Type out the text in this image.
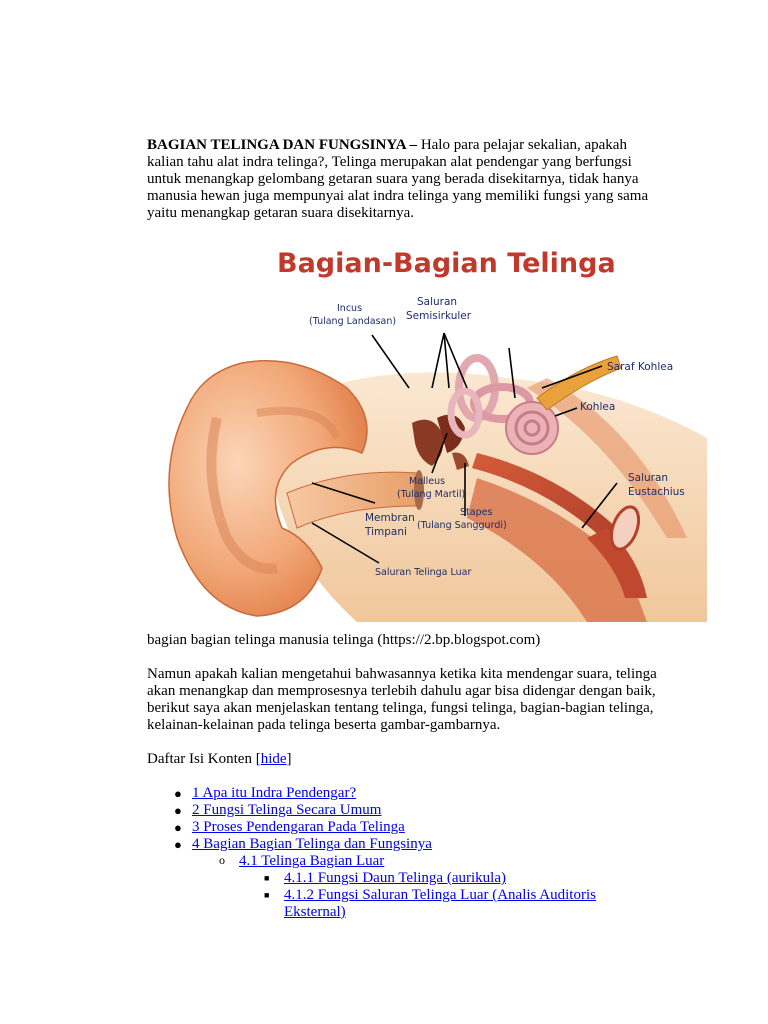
BAGIAN TELINGA DAN FUNGSINYA – Halo para pelajar sekalian, apakah kalian tahu alat indra telinga?, Telinga merupakan alat pendengar yang berfungsi untuk menangkap gelombang getaran suara yang berada disekitarnya, tidak hanya manusia hewan juga mempunyai alat indra telinga yang memiliki fungsi yang sama yaitu menangkap getaran suara disekitarnya.

Bagian-Bagian Telinga
Incus
(Tulang Landasan)
Saluran
Semisirkuler
Saraf Kohlea
Kohlea
Saluran
Eustachius
Malleus
(Tulang Martil)
Stapes
(Tulang Sanggurdi)
Membran
Timpani
Saluran Telinga Luar

bagian bagian telinga manusia telinga (https://2.bp.blogspot.com)

Namun apakah kalian mengetahui bahwasannya ketika kita mendengar suara, telinga akan menangkap dan memprosesnya terlebih dahulu agar bisa didengar dengan baik, berikut saya akan menjelaskan tentang telinga, fungsi telinga, bagian-bagian telinga, kelainan-kelainan pada telinga beserta gambar-gambarnya.

Daftar Isi Konten [hide]

● 1 Apa itu Indra Pendengar?
● 2 Fungsi Telinga Secara Umum
● 3 Proses Pendengaran Pada Telinga
● 4 Bagian Bagian Telinga dan Fungsinya
o 4.1 Telinga Bagian Luar
■ 4.1.1 Fungsi Daun Telinga (aurikula)
■ 4.1.2 Fungsi Saluran Telinga Luar (Analis Auditoris Eksternal)
